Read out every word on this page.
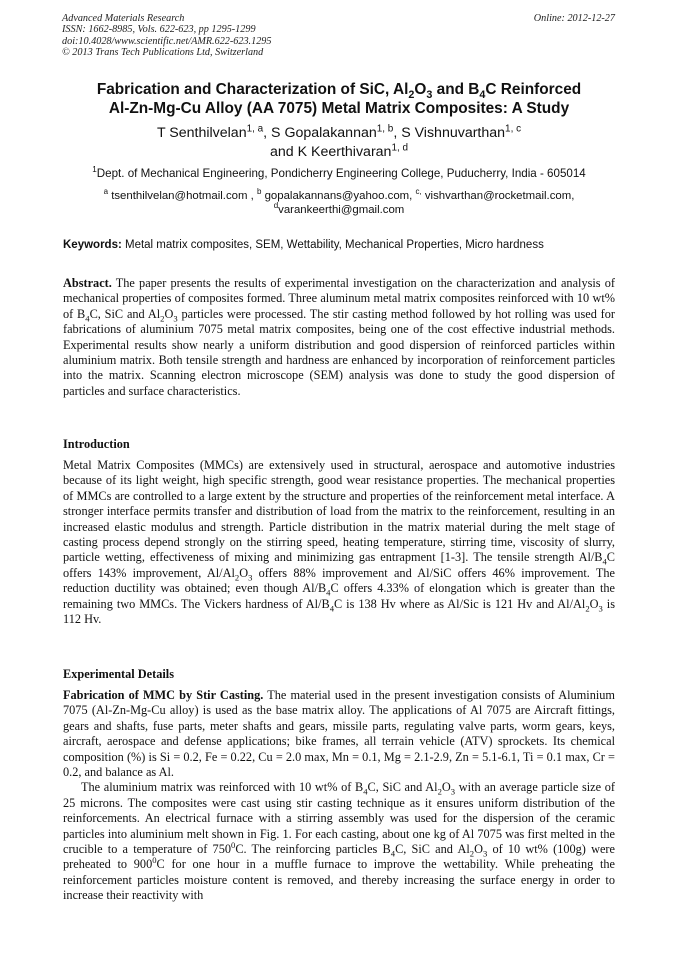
Advanced Materials Research
ISSN: 1662-8985, Vols. 622-623, pp 1295-1299
doi:10.4028/www.scientific.net/AMR.622-623.1295
© 2013 Trans Tech Publications Ltd, Switzerland
Online: 2012-12-27
Fabrication and Characterization of SiC, $Al_2O_3$ and $B_4C$ Reinforced
Al-Zn-Mg-Cu Alloy (AA 7075) Metal Matrix Composites: A Study
T Senthilvelan$^{1, a}$, S Gopalakannan$^{1, b}$, S Vishnuvarthan$^{1, c}$
and K Keerthivaran$^{1, d}$
$^1$Dept. of Mechanical Engineering, Pondicherry Engineering College, Puducherry, India - 605014
$^a$ tsenthilvelan@hotmail.com , $^b$ gopalakannans@yahoo.com, $^{c,}$ vishvarthan@rocketmail.com,
$^d$varankeerthi@gmail.com
Keywords: Metal matrix composites, SEM, Wettability, Mechanical Properties, Micro hardness
Abstract. The paper presents the results of experimental investigation on the characterization and analysis of mechanical properties of composites formed. Three aluminum metal matrix composites reinforced with 10 wt% of $B_4C$, SiC and $Al_2O_3$ particles were processed. The stir casting method followed by hot rolling was used for fabrications of aluminium 7075 metal matrix composites, being one of the cost effective industrial methods. Experimental results show nearly a uniform distribution and good dispersion of reinforced particles within aluminium matrix. Both tensile strength and hardness are enhanced by incorporation of reinforcement particles into the matrix. Scanning electron microscope (SEM) analysis was done to study the good dispersion of particles and surface characteristics.
Introduction
Metal Matrix Composites (MMCs) are extensively used in structural, aerospace and automotive industries because of its light weight, high specific strength, good wear resistance properties. The mechanical properties of MMCs are controlled to a large extent by the structure and properties of the reinforcement metal interface. A stronger interface permits transfer and distribution of load from the matrix to the reinforcement, resulting in an increased elastic modulus and strength. Particle distribution in the matrix material during the melt stage of casting process depend strongly on the stirring speed, heating temperature, stirring time, viscosity of slurry, particle wetting, effectiveness of mixing and minimizing gas entrapment [1-3]. The tensile strength $Al/B_4C$ offers 143% improvement, $Al/Al_2O_3$ offers 88% improvement and Al/SiC offers 46% improvement. The reduction ductility was obtained; even though $Al/B_4C$ offers 4.33% of elongation which is greater than the remaining two MMCs. The Vickers hardness of $Al/B_4C$ is 138 Hv where as Al/Sic is 121 Hv and $Al/Al_2O_3$ is 112 Hv.
Experimental Details

Fabrication of MMC by Stir Casting. The material used in the present investigation consists of Aluminium 7075 (Al-Zn-Mg-Cu alloy) is used as the base matrix alloy. The applications of Al 7075 are Aircraft fittings, gears and shafts, fuse parts, meter shafts and gears, missile parts, regulating valve parts, worm gears, keys, aircraft, aerospace and defense applications; bike frames, all terrain vehicle (ATV) sprockets. Its chemical composition (%) is Si = 0.2, Fe = 0.22, Cu = 2.0 max, Mn = 0.1, Mg = 2.1-2.9, Zn = 5.1-6.1, Ti = 0.1 max, Cr = 0.2, and balance as Al.

The aluminium matrix was reinforced with 10 wt% of $B_4C$, SiC and $Al_2O_3$ with an average particle size of 25 microns. The composites were cast using stir casting technique as it ensures uniform distribution of the reinforcements. An electrical furnace with a stirring assembly was used for the dispersion of the ceramic particles into aluminium melt shown in Fig. 1. For each casting, about one kg of Al 7075 was first melted in the crucible to a temperature of $750^0C$. The reinforcing particles $B_4C$, SiC and $Al_2O_3$ of 10 wt% (100g) were preheated to $900^0C$ for one hour in a muffle furnace to improve the wettability. While preheating the reinforcement particles moisture content is removed, and thereby increasing the surface energy in order to increase their reactivity with
